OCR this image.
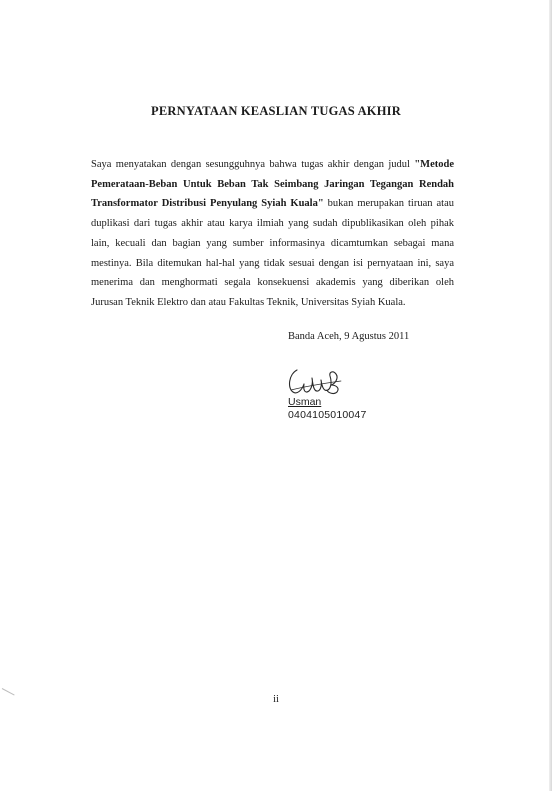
PERNYATAAN KEASLIAN TUGAS AKHIR

Saya menyatakan dengan sesungguhnya bahwa tugas akhir dengan judul "Metode Pemerataan-Beban Untuk Beban Tak Seimbang Jaringan Tegangan Rendah Transformator Distribusi Penyulang Syiah Kuala" bukan merupakan tiruan atau duplikasi dari tugas akhir atau karya ilmiah yang sudah dipublikasikan oleh pihak lain, kecuali dan bagian yang sumber informasinya dicamtumkan sebagai mana mestinya. Bila ditemukan hal-hal yang tidak sesuai dengan isi pernyataan ini, saya menerima dan menghormati segala konsekuensi akademis yang diberikan oleh Jurusan Teknik Elektro dan atau Fakultas Teknik, Universitas Syiah Kuala.

Banda Aceh, 9 Agustus 2011
Usman
0404105010047
ii
